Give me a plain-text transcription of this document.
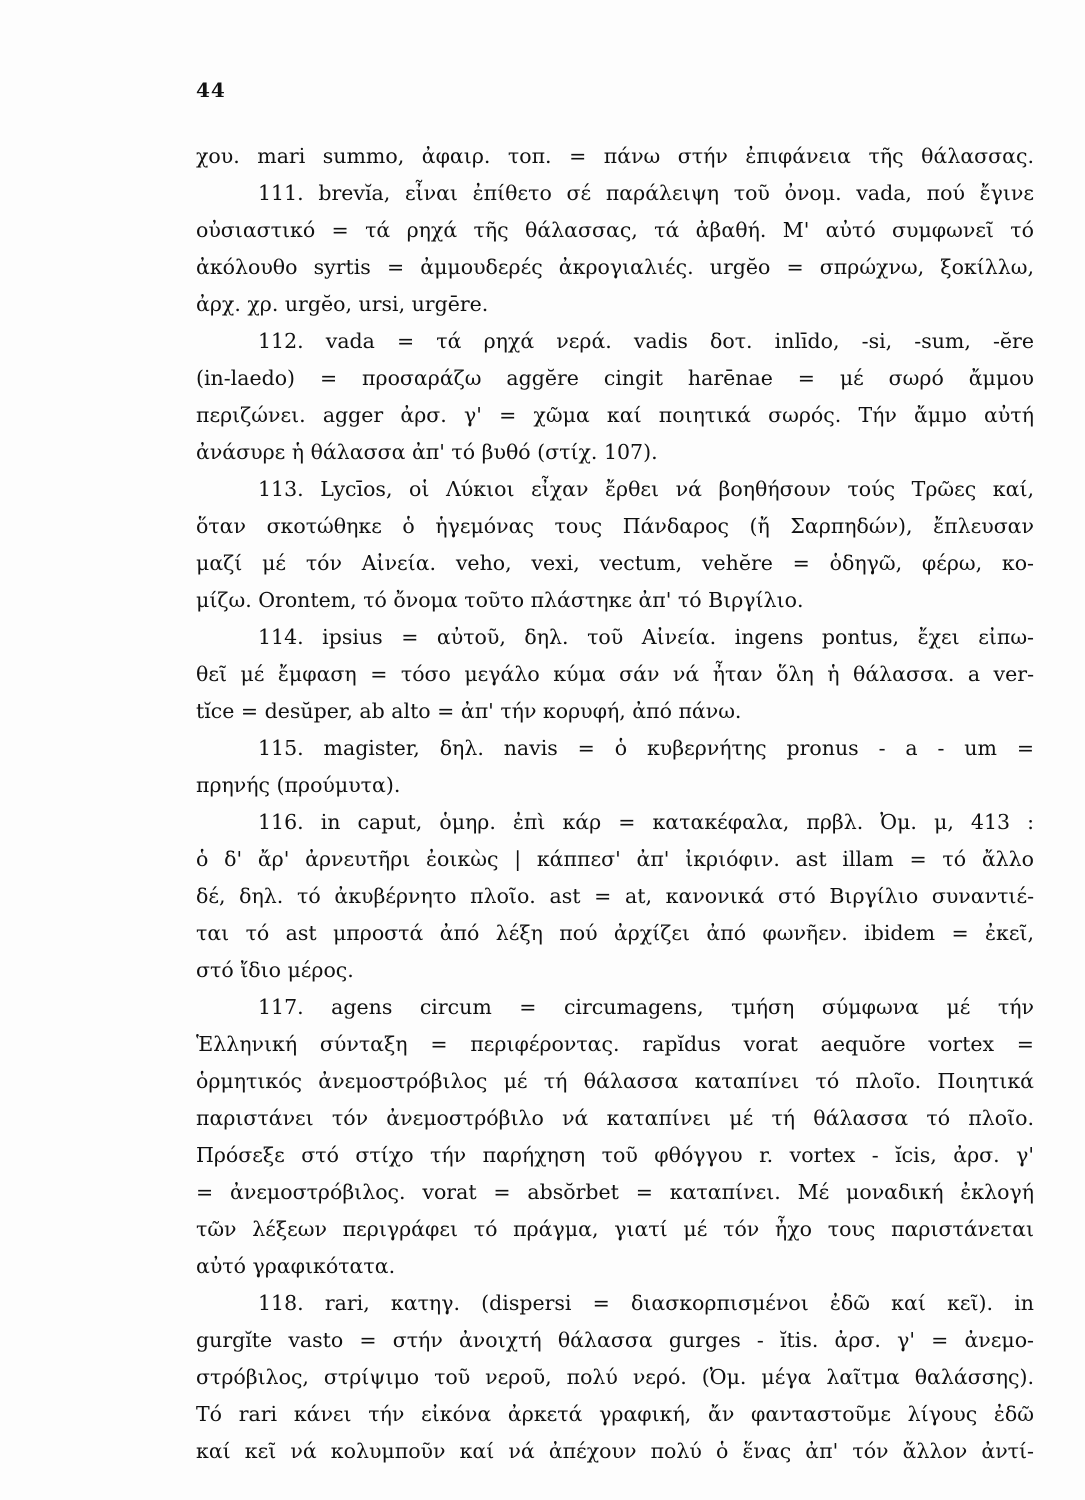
44
χου. mari summo, ἀφαιρ. τοπ. = πάνω στήν ἐπιφάνεια τῆς θάλασσας.
111. brevĭa, εἶναι ἐπίθετο σέ παράλειψη τοῦ ὀνομ. vada, πού ἔγινε
οὐσιαστικό = τά ρηχά τῆς θάλασσας, τά ἀβαθή. Μ' αὐτό συμφωνεῖ τό
ἀκόλουθο syrtis = ἀμμουδερές ἀκρογιαλιές. urgĕo = σπρώχνω, ξοκίλλω,
ἀρχ. χρ. urgĕo, ursi, urgēre.
112. vada = τά ρηχά νερά. vadis δοτ. inlīdo, -si, -sum, -ĕre
(in-laedo) = προσαράζω aggĕre cingit harēnae = μέ σωρό ἄμμου
περιζώνει. agger ἀρσ. γ' = χῶμα καί ποιητικά σωρός. Τήν ἄμμο αὐτή
ἀνάσυρε ἡ θάλασσα ἀπ' τό βυθό (στίχ. 107).
113. Lycīos, οἱ Λύκιοι εἶχαν ἔρθει νά βοηθήσουν τούς Τρῶες καί,
ὅταν σκοτώθηκε ὁ ἡγεμόνας τους Πάνδαρος (ἤ Σαρπηδών), ἔπλευσαν
μαζί μέ τόν Αἰνεία. veho, vexi, vectum, vehĕre = ὁδηγῶ, φέρω, κο-
μίζω. Orontem, τό ὄνομα τοῦτο πλάστηκε ἀπ' τό Βιργίλιο.
114. ipsius = αὐτοῦ, δηλ. τοῦ Αἰνεία. ingens pontus, ἔχει εἰπω-
θεῖ μέ ἔμφαση = τόσο μεγάλο κύμα σάν νά ἦταν ὅλη ἡ θάλασσα. a ver-
tĭce = desŭper, ab alto = ἀπ' τήν κορυφή, ἀπό πάνω.
115. magister, δηλ. navis = ὁ κυβερνήτης pronus - a - um =
πρηνής (προύμυτα).
116. in caput, ὁμηρ. ἐπὶ κάρ = κατακέφαλα, πρβλ. Ὀμ. μ, 413 :
ὁ δ' ἄρ' ἀρνευτῆρι ἐοικὼς | κάππεσ' ἀπ' ἰκριόφιν. ast illam = τό ἄλλο
δέ, δηλ. τό ἀκυβέρνητο πλοῖο. ast = at, κανονικά στό Βιργίλιο συναντιέ-
ται τό ast μπροστά ἀπό λέξη πού ἀρχίζει ἀπό φωνῆεν. ibidem = ἐκεῖ,
στό ἴδιο μέρος.
117. agens circum = circumagens, τμήση σύμφωνα μέ τήν
Ἑλληνική σύνταξη = περιφέροντας. rapĭdus vorat aequŏre vortex =
ὁρμητικός ἀνεμοστρόβιλος μέ τή θάλασσα καταπίνει τό πλοῖο. Ποιητικά
παριστάνει τόν ἀνεμοστρόβιλο νά καταπίνει μέ τή θάλασσα τό πλοῖο.
Πρόσεξε στό στίχο τήν παρήχηση τοῦ φθόγγου r. vortex - ĭcis, ἀρσ. γ'
= ἀνεμοστρόβιλος. vorat = absŏrbet = καταπίνει. Μέ μοναδική ἐκλογή
τῶν λέξεων περιγράφει τό πράγμα, γιατί μέ τόν ἦχο τους παριστάνεται
αὐτό γραφικότατα.
118. rari, κατηγ. (dispersi = διασκορπισμένοι ἐδῶ καί κεῖ). in
gurgĭte vasto = στήν ἀνοιχτή θάλασσα gurges - ĭtis. ἀρσ. γ' = ἀνεμο-
στρόβιλος, στρίψιμο τοῦ νεροῦ, πολύ νερό. (Ὀμ. μέγα λαῖτμα θαλάσσης).
Τό rari κάνει τήν εἰκόνα ἀρκετά γραφική, ἄν φανταστοῦμε λίγους ἐδῶ
καί κεῖ νά κολυμποῦν καί νά ἀπέχουν πολύ ὁ ἕνας ἀπ' τόν ἄλλον ἀντί-
